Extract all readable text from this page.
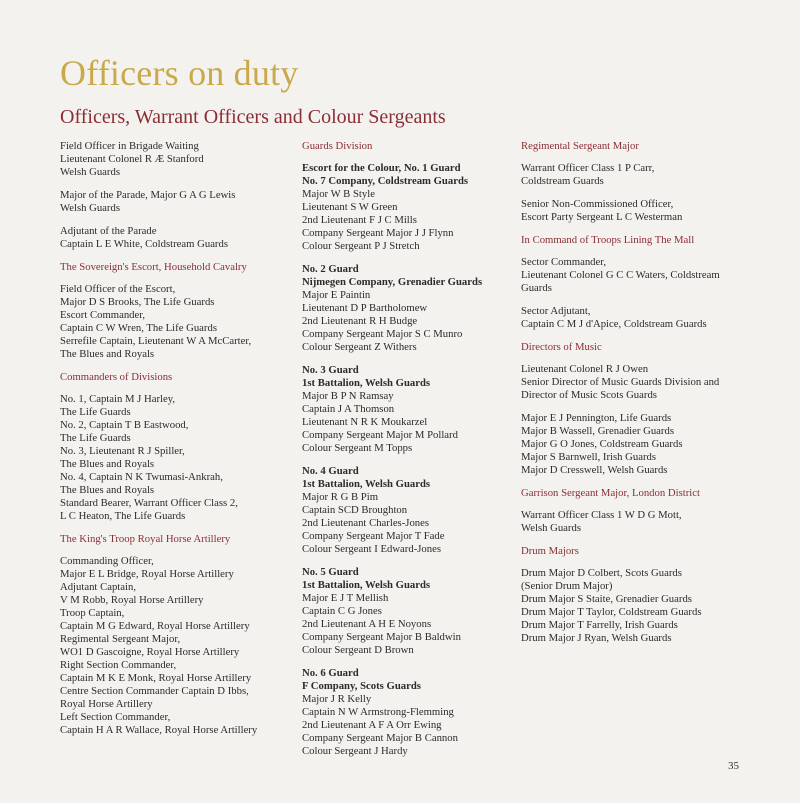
Officers on duty
Officers, Warrant Officers and Colour Sergeants
Field Officer in Brigade Waiting
Lieutenant Colonel R Æ Stanford
Welsh Guards
Major of the Parade, Major G A G Lewis
Welsh Guards
Adjutant of the Parade
Captain L E White, Coldstream Guards
The Sovereign's Escort, Household Cavalry
Field Officer of the Escort,
Major D S Brooks, The Life Guards
Escort Commander,
Captain C W Wren, The Life Guards
Serrefile Captain, Lieutenant W A McCarter,
The Blues and Royals
Commanders of Divisions
No. 1, Captain M J Harley,
The Life Guards
No. 2, Captain T B Eastwood,
The Life Guards
No. 3, Lieutenant R J Spiller,
The Blues and Royals
No. 4, Captain N K Twumasi-Ankrah,
The Blues and Royals
Standard Bearer, Warrant Officer Class 2,
L C Heaton, The Life Guards
The King's Troop Royal Horse Artillery
Commanding Officer,
Major E L Bridge, Royal Horse Artillery
Adjutant Captain,
V M Robb, Royal Horse Artillery
Troop Captain,
Captain M G Edward, Royal Horse Artillery
Regimental Sergeant Major,
WO1 D Gascoigne, Royal Horse Artillery
Right Section Commander,
Captain M K E Monk, Royal Horse Artillery
Centre Section Commander Captain D Ibbs,
Royal Horse Artillery
Left Section Commander,
Captain H A R Wallace, Royal Horse Artillery
Guards Division
Escort for the Colour, No. 1 Guard
No. 7 Company, Coldstream Guards
Major W B Style
Lieutenant S W Green
2nd Lieutenant F J C Mills
Company Sergeant Major J J Flynn
Colour Sergeant P J Stretch
No. 2 Guard
Nijmegen Company, Grenadier Guards
Major E Paintin
Lieutenant D P Bartholomew
2nd Lieutenant R H Budge
Company Sergeant Major S C Munro
Colour Sergeant Z Withers
No. 3 Guard
1st Battalion, Welsh Guards
Major B P N Ramsay
Captain J A Thomson
Lieutenant N R K Moukarzel
Company Sergeant Major M Pollard
Colour Sergeant M Topps
No. 4 Guard
1st Battalion, Welsh Guards
Major R G B Pim
Captain SCD Broughton
2nd Lieutenant Charles-Jones
Company Sergeant Major T Fade
Colour Sergeant I Edward-Jones
No. 5 Guard
1st Battalion, Welsh Guards
Major E J T Mellish
Captain C G Jones
2nd Lieutenant A H E Noyons
Company Sergeant Major B Baldwin
Colour Sergeant D Brown
No. 6 Guard
F Company, Scots Guards
Major J R Kelly
Captain N W Armstrong-Flemming
2nd Lieutenant A F A Orr Ewing
Company Sergeant Major B Cannon
Colour Sergeant J Hardy
Regimental Sergeant Major
Warrant Officer Class 1 P Carr,
Coldstream Guards
Senior Non-Commissioned Officer,
Escort Party Sergeant L C Westerman
In Command of Troops Lining The Mall
Sector Commander,
Lieutenant Colonel G C C Waters, Coldstream
Guards
Sector Adjutant,
Captain C M J d'Apice, Coldstream Guards
Directors of Music
Lieutenant Colonel R J Owen
Senior Director of Music Guards Division and
Director of Music Scots Guards
Major E J Pennington, Life Guards
Major B Wassell, Grenadier Guards
Major G O Jones, Coldstream Guards
Major S Barnwell, Irish Guards
Major D Cresswell, Welsh Guards
Garrison Sergeant Major, London District
Warrant Officer Class 1 W D G Mott,
Welsh Guards
Drum Majors
Drum Major D Colbert, Scots Guards
(Senior Drum Major)
Drum Major S Staite, Grenadier Guards
Drum Major T Taylor, Coldstream Guards
Drum Major T Farrelly, Irish Guards
Drum Major J Ryan, Welsh Guards
35
